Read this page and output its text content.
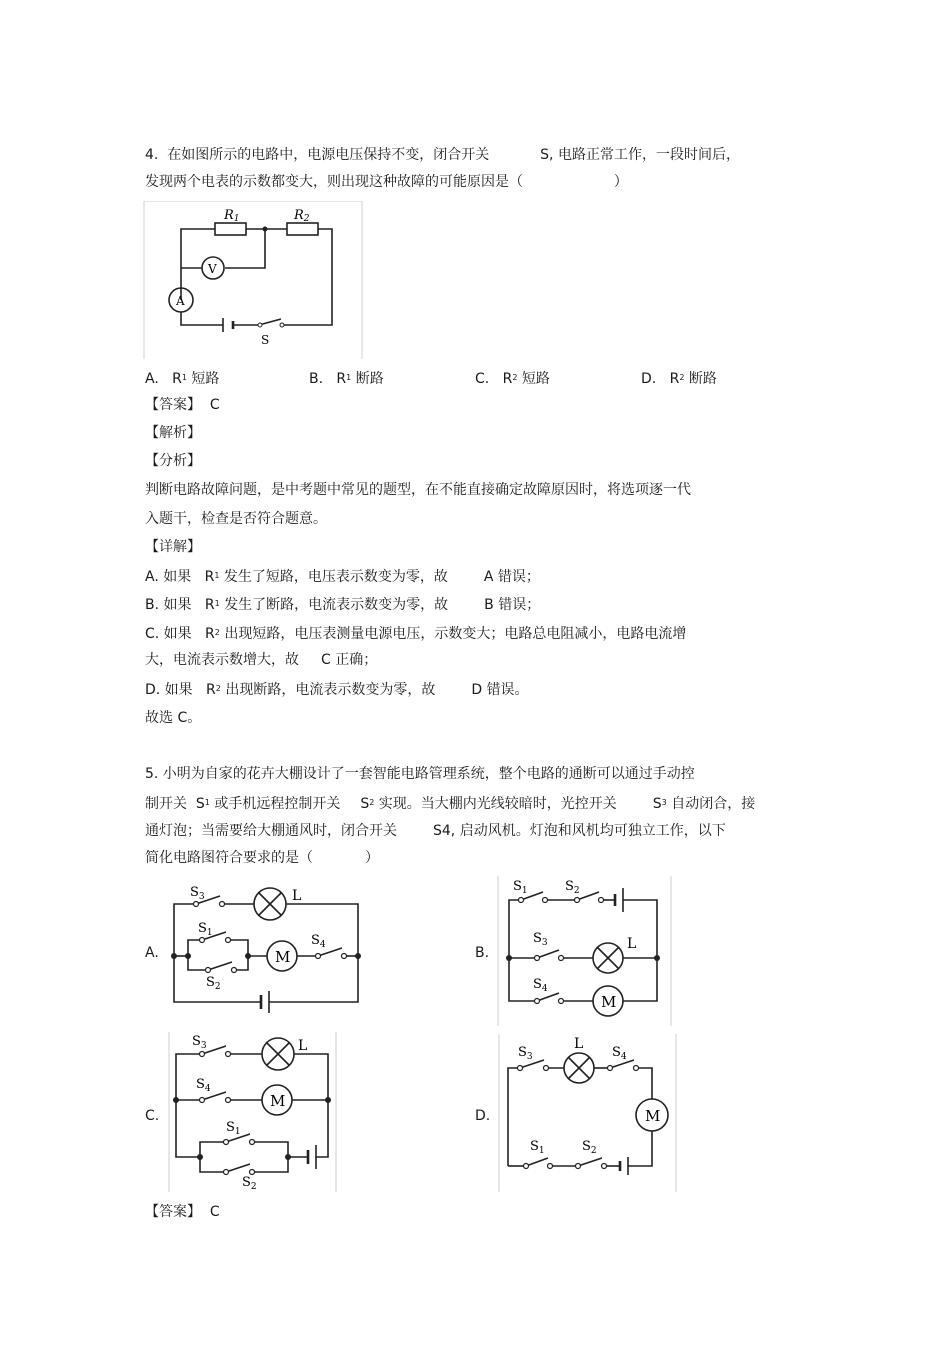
4. 在如图所示的电路中，电源电压保持不变，闭合开关	S, 电路正常工作，一段时间后，
发现两个电表的示数都变大，则出现这种故障的可能原因是（	）
R1	R2
V
A
S
A. $R^1$ 短路	B. $R^1$ 断路	C. $R^2$ 短路	D. $R^2$ 断路
【答案】 C
【解析】
【分析】
判断电路故障问题，是中考题中常见的题型，在不能直接确定故障原因时，将选项逐一代
入题干，检查是否符合题意。
【详解】
A. 如果 $R^1$ 发生了短路，电压表示数变为零，故	A 错误；
B. 如果 $R^1$ 发生了断路，电流表示数变为零，故	B 错误；
C. 如果 $R^2$ 出现短路，电压表测量电源电压，示数变大；电路总电阻减小，电路电流增
大，电流表示数增大，故 C 正确；
D. 如果 $R^2$ 出现断路，电流表示数变为零，故	D 错误。
故选 C。
5. 小明为自家的花卉大棚设计了一套智能电路管理系统，整个电路的通断可以通过手动控
制开关 $S^1$ 或手机远程控制开关 $S^2$ 实现。当大棚内光线较暗时，光控开关	$S^3$ 自动闭合，接
通灯泡；当需要给大棚通风时，闭合开关	S4, 启动风机。灯泡和风机均可独立工作，以下
简化电路图符合要求的是（	）
A.	B.
C.	D.
$S_3$	L
$S_1$
M
$S_4$
$S_2$
$S_1$	$S_2$
$S_3$	L
$S_4$
M
$S_3$	L
$S_4$
M
$S_1$
$S_2$
$S_3$
L
$S_4$
M
$S_1$	$S_2$
【答案】 C
